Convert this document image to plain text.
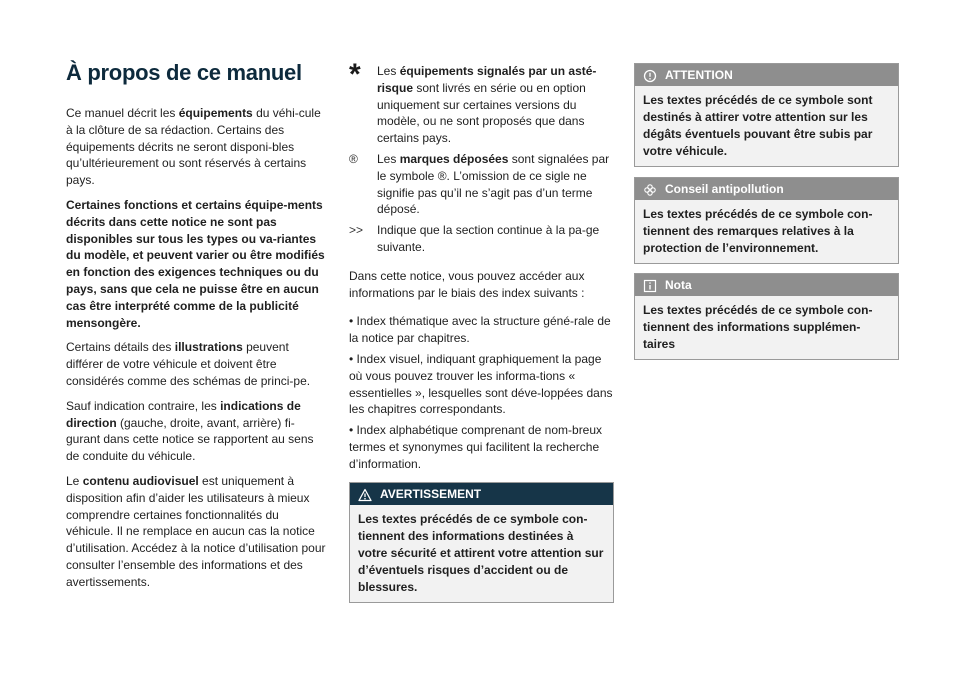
À propos de ce manuel

Ce manuel décrit les équipements du véhi-cule à la clôture de sa rédaction. Certains des équipements décrits ne seront disponi-bles qu’ultérieurement ou sont réservés à certains pays.

Certaines fonctions et certains équipe-ments décrits dans cette notice ne sont pas disponibles sur tous les types ou va-riantes du modèle, et peuvent varier ou être modifiés en fonction des exigences techniques ou du pays, sans que cela ne puisse être en aucun cas être interprété comme de la publicité mensongère.

Certains détails des illustrations peuvent différer de votre véhicule et doivent être considérés comme des schémas de princi-pe.

Sauf indication contraire, les indications de direction (gauche, droite, avant, arrière) fi-gurant dans cette notice se rapportent au sens de conduite du véhicule.

Le contenu audiovisuel est uniquement à disposition afin d’aider les utilisateurs à mieux comprendre certaines fonctionnalités du véhicule. Il ne remplace en aucun cas la notice d’utilisation. Accédez à la notice d’utilisation pour consulter l’ensemble des informations et des avertissements.

*	Les équipements signalés par un asté-risque sont livrés en série ou en option uniquement sur certaines versions du modèle, ou ne sont proposés que dans certains pays.
®	Les marques déposées sont signalées par le symbole ®. L’omission de ce sigle ne signifie pas qu’il ne s’agit pas d’un terme déposé.
>>	Indique que la section continue à la pa-ge suivante.

Dans cette notice, vous pouvez accéder aux informations par le biais des index suivants :

• Index thématique avec la structure géné-rale de la notice par chapitres.

• Index visuel, indiquant graphiquement la page où vous pouvez trouver les informa-tions « essentielles », lesquelles sont déve-loppées dans les chapitres correspondants.

• Index alphabétique comprenant de nom-breux termes et synonymes qui facilitent la recherche d’information.

AVERTISSEMENT
Les textes précédés de ce symbole con-tiennent des informations destinées à votre sécurité et attirent votre attention sur d’éventuels risques d’accident ou de blessures.
ATTENTION
Les textes précédés de ce symbole sont destinés à attirer votre attention sur les dégâts éventuels pouvant être subis par votre véhicule.
Conseil antipollution
Les textes précédés de ce symbole con-tiennent des remarques relatives à la protection de l’environnement.
Nota
Les textes précédés de ce symbole con-tiennent des informations supplémen-taires
